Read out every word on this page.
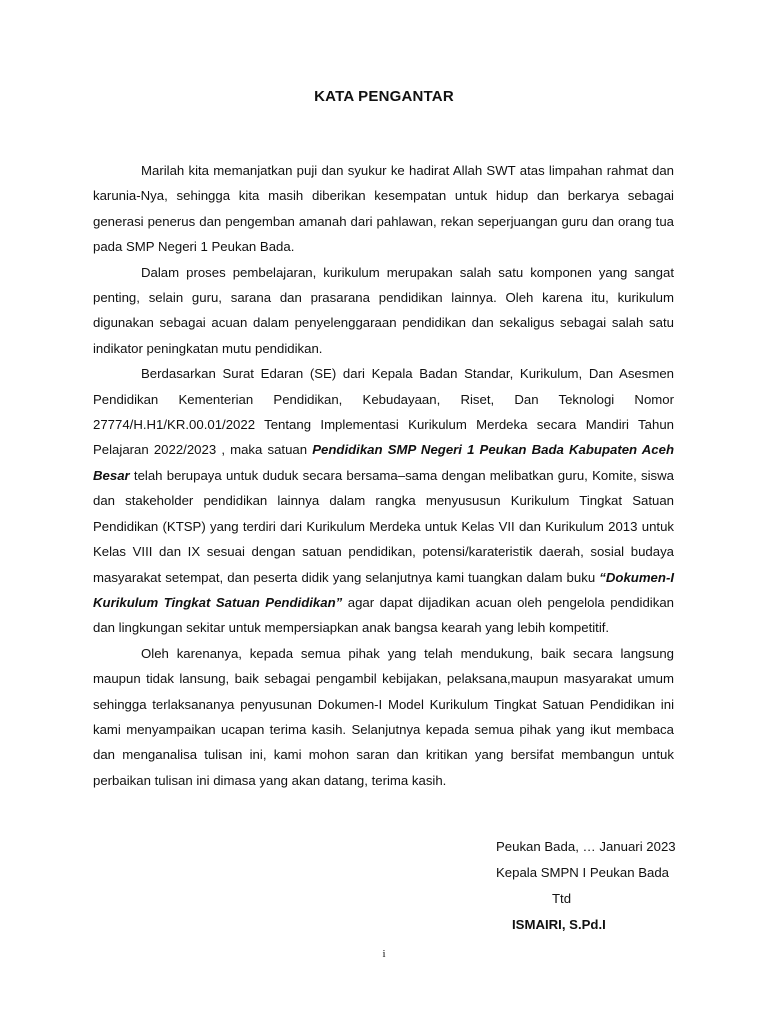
KATA PENGANTAR

Marilah kita memanjatkan puji dan syukur ke hadirat Allah SWT atas limpahan rahmat dan karunia-Nya, sehingga kita masih diberikan kesempatan untuk hidup dan berkarya sebagai generasi penerus dan pengemban amanah dari pahlawan, rekan seperjuangan guru dan orang tua pada SMP Negeri 1 Peukan Bada.

Dalam proses pembelajaran, kurikulum merupakan salah satu komponen yang sangat penting, selain guru, sarana dan prasarana pendidikan lainnya. Oleh karena itu, kurikulum digunakan sebagai acuan dalam penyelenggaraan pendidikan dan sekaligus sebagai salah satu indikator peningkatan mutu pendidikan.

Berdasarkan Surat Edaran (SE) dari Kepala Badan Standar, Kurikulum, Dan Asesmen Pendidikan Kementerian Pendidikan, Kebudayaan, Riset, Dan Teknologi Nomor 27774/H.H1/KR.00.01/2022 Tentang Implementasi Kurikulum Merdeka secara Mandiri Tahun Pelajaran 2022/2023 , maka satuan Pendidikan SMP Negeri 1 Peukan Bada Kabupaten Aceh Besar telah berupaya untuk duduk secara bersama–sama dengan melibatkan guru, Komite, siswa dan stakeholder pendidikan lainnya dalam rangka menyususun Kurikulum Tingkat Satuan Pendidikan (KTSP) yang terdiri dari Kurikulum Merdeka untuk Kelas VII dan Kurikulum 2013 untuk Kelas VIII dan IX sesuai dengan satuan pendidikan, potensi/karateristik daerah, sosial budaya masyarakat setempat, dan peserta didik yang selanjutnya kami tuangkan dalam buku “Dokumen-I Kurikulum Tingkat Satuan Pendidikan” agar dapat dijadikan acuan oleh pengelola pendidikan dan lingkungan sekitar untuk mempersiapkan anak bangsa kearah yang lebih kompetitif.

Oleh karenanya, kepada semua pihak yang telah mendukung, baik secara langsung maupun tidak lansung, baik sebagai pengambil kebijakan, pelaksana,maupun masyarakat umum sehingga terlaksananya penyusunan Dokumen-I Model Kurikulum Tingkat Satuan Pendidikan ini kami menyampaikan ucapan terima kasih. Selanjutnya kepada semua pihak yang ikut membaca dan menganalisa tulisan ini, kami mohon saran dan kritikan yang bersifat membangun untuk perbaikan tulisan ini dimasa yang akan datang, terima kasih.

Peukan Bada, … Januari 2023
Kepala SMPN I Peukan Bada
Ttd
ISMAIRI, S.Pd.I
i
